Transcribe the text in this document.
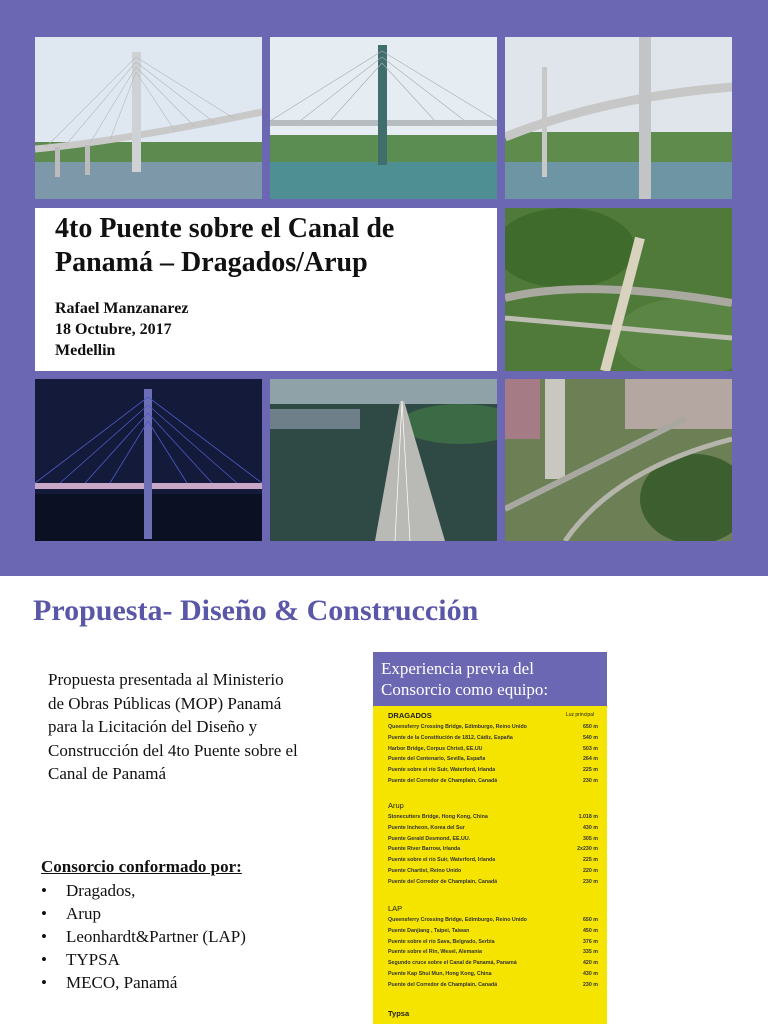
4to Puente sobre el Canal de Panamá – Dragados/Arup
Rafael Manzanarez
18 Octubre, 2017
Medellin
Propuesta- Diseño & Construcción
Propuesta presentada al Ministerio de Obras Públicas (MOP) Panamá para la Licitación del Diseño y Construcción del 4to Puente sobre el Canal de Panamá
Consorcio conformado por:
• Dragados,
• Arup
• Leonhardt&Partner (LAP)
• TYPSA
• MECO, Panamá
Experiencia previa del Consorcio como equipo:
DRAGADOS	Luz principal
Queensferry Crossing Bridge, Edimburgo, Reino Unido	650 m
Puente de la Constitución de 1812, Cádiz, España	540 m
Harbor Bridge, Corpus Christi, EE.UU	503 m
Puente del Centenario, Sevilla, España	264 m
Puente sobre el río Suir, Waterford, Irlanda	225 m
Puente del Corredor de Champlain, Canadá	230 m
Arup
Stonecutters Bridge, Hong Kong, China	1.018 m
Puente Incheon, Korea del Sur	430 m
Puente Gerald Desmond, EE.UU.	305 m
Puente River Barrow, Irlanda	2x230 m
Puente sobre el río Suir, Waterford, Irlanda	225 m
Puente Chartist, Reino Unido	220 m
Puente del Corredor de Champlain, Canadá	230 m
LAP
Queensferry Crossing Bridge, Edimburgo, Reino Unido	650 m
Puente Danjiang , Taipei, Taiwan	450 m
Puente sobre el río Sava, Belgrado, Serbia	376 m
Puente sobre el Rin, Wesel, Alemania	335 m
Segundo cruce sobre el Canal de Panamá, Panamá	420 m
Puente Kap Shui Mun, Hong Kong, China	430 m
Puente del Corredor de Champlain, Canadá	230 m
Typsa
